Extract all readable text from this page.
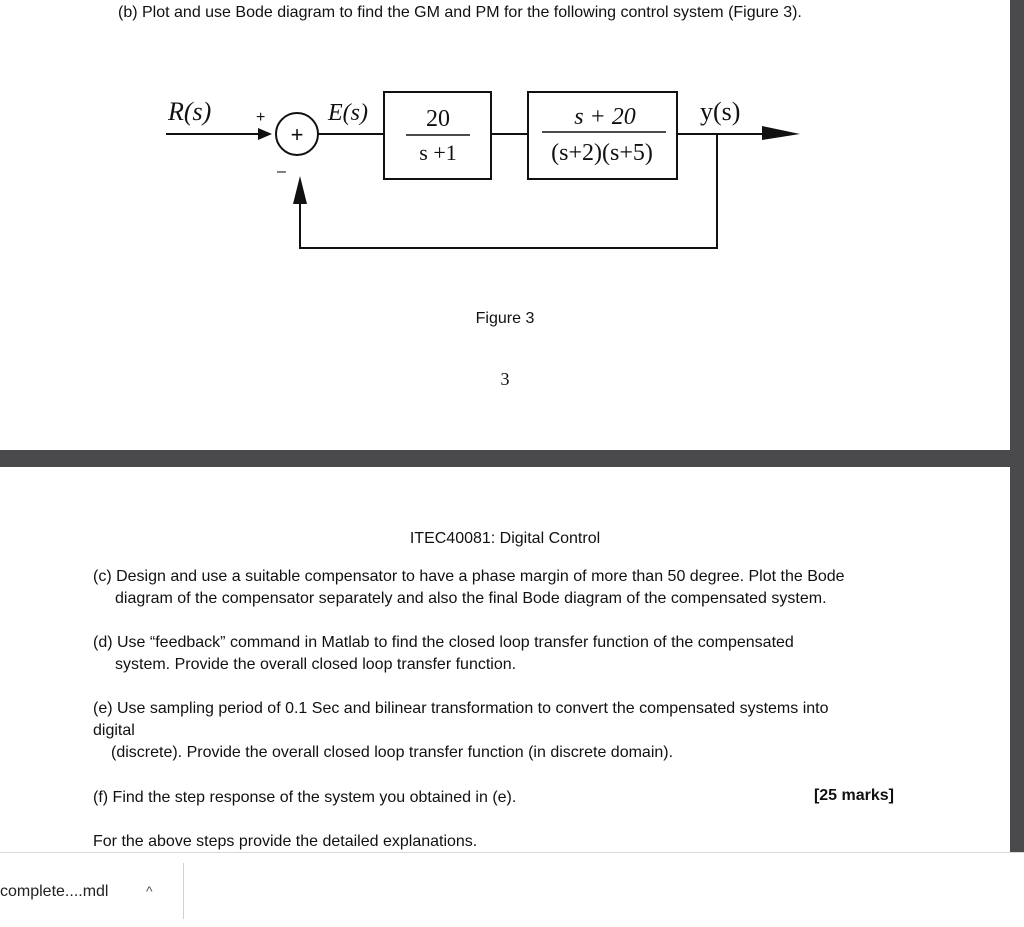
(b) Plot and use Bode diagram to find the GM and PM for the following control system (Figure 3).
R(s)
+
+
–
E(s) 20
s +1
s + 20
(s+2)(s+5)
y(s)
Figure 3
3
ITEC40081: Digital Control
(c) Design and use a suitable compensator to have a phase margin of more than 50 degree. Plot the Bode
diagram of the compensator separately and also the final Bode diagram of the compensated system.
(d) Use “feedback” command in Matlab to find the closed loop transfer function of the compensated
system. Provide the overall closed loop transfer function.
(e) Use sampling period of 0.1 Sec and bilinear transformation to convert the compensated systems into
digital
(discrete). Provide the overall closed loop transfer function (in discrete domain).
(f) Find the step response of the system you obtained in (e).	[25 marks]
For the above steps provide the detailed explanations.
complete....mdl	^
